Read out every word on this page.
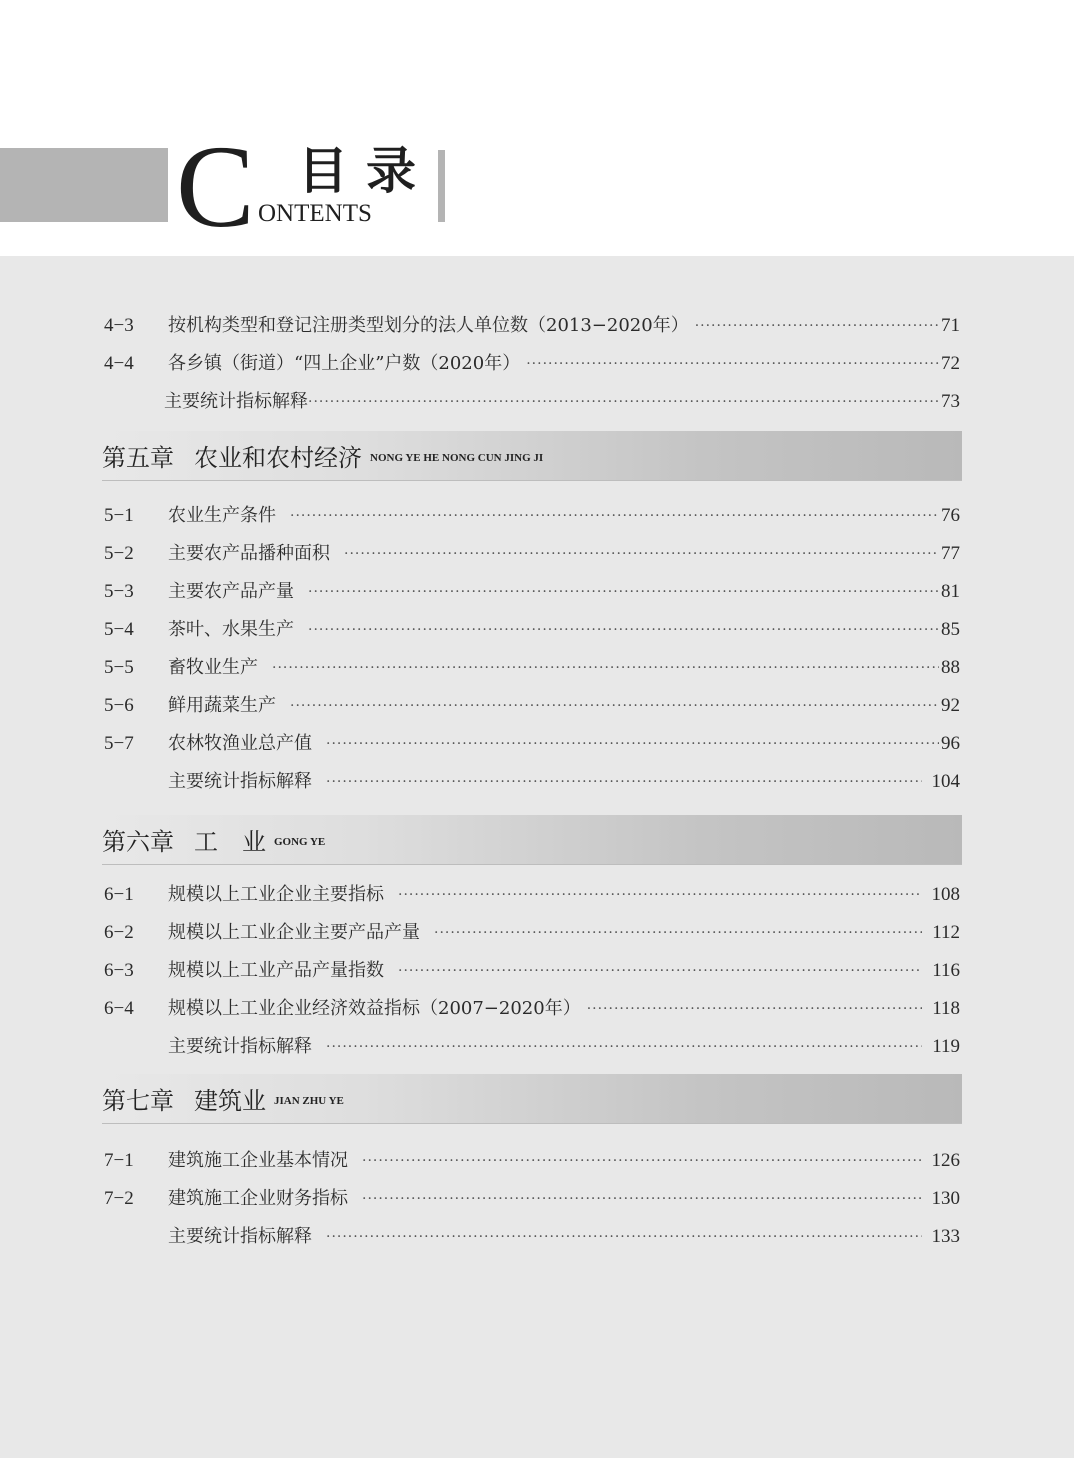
C 目录
ONTENTS
4−3	按机构类型和登记注册类型划分的法人单位数（2013−2020年） ·····	71
4−4	各乡镇（街道）“四上企业”户数（2020年） ·····	72
主要统计指标解释 ·····	73
第五章 农业和农村经济 NONG YE HE NONG CUN JING JI
5−1	农业生产条件 ·····	76
5−2	主要农产品播种面积 ·····	77
5−3	主要农产品产量 ·····	81
5−4	茶叶、水果生产 ·····	85
5−5	畜牧业生产 ·····	88
5−6	鲜用蔬菜生产 ·····	92
5−7	农林牧渔业总产值 ·····	96
主要统计指标解释 ·····	104
第六章 工　业 GONG YE
6−1	规模以上工业企业主要指标 ·····	108
6−2	规模以上工业企业主要产品产量 ·····	112
6−3	规模以上工业产品产量指数 ·····	116
6−4	规模以上工业企业经济效益指标（2007−2020年） ·····	118
主要统计指标解释 ·····	119
第七章 建筑业 JIAN ZHU YE
7−1	建筑施工企业基本情况 ·····	126
7−2	建筑施工企业财务指标 ·····	130
主要统计指标解释 ·····	133
